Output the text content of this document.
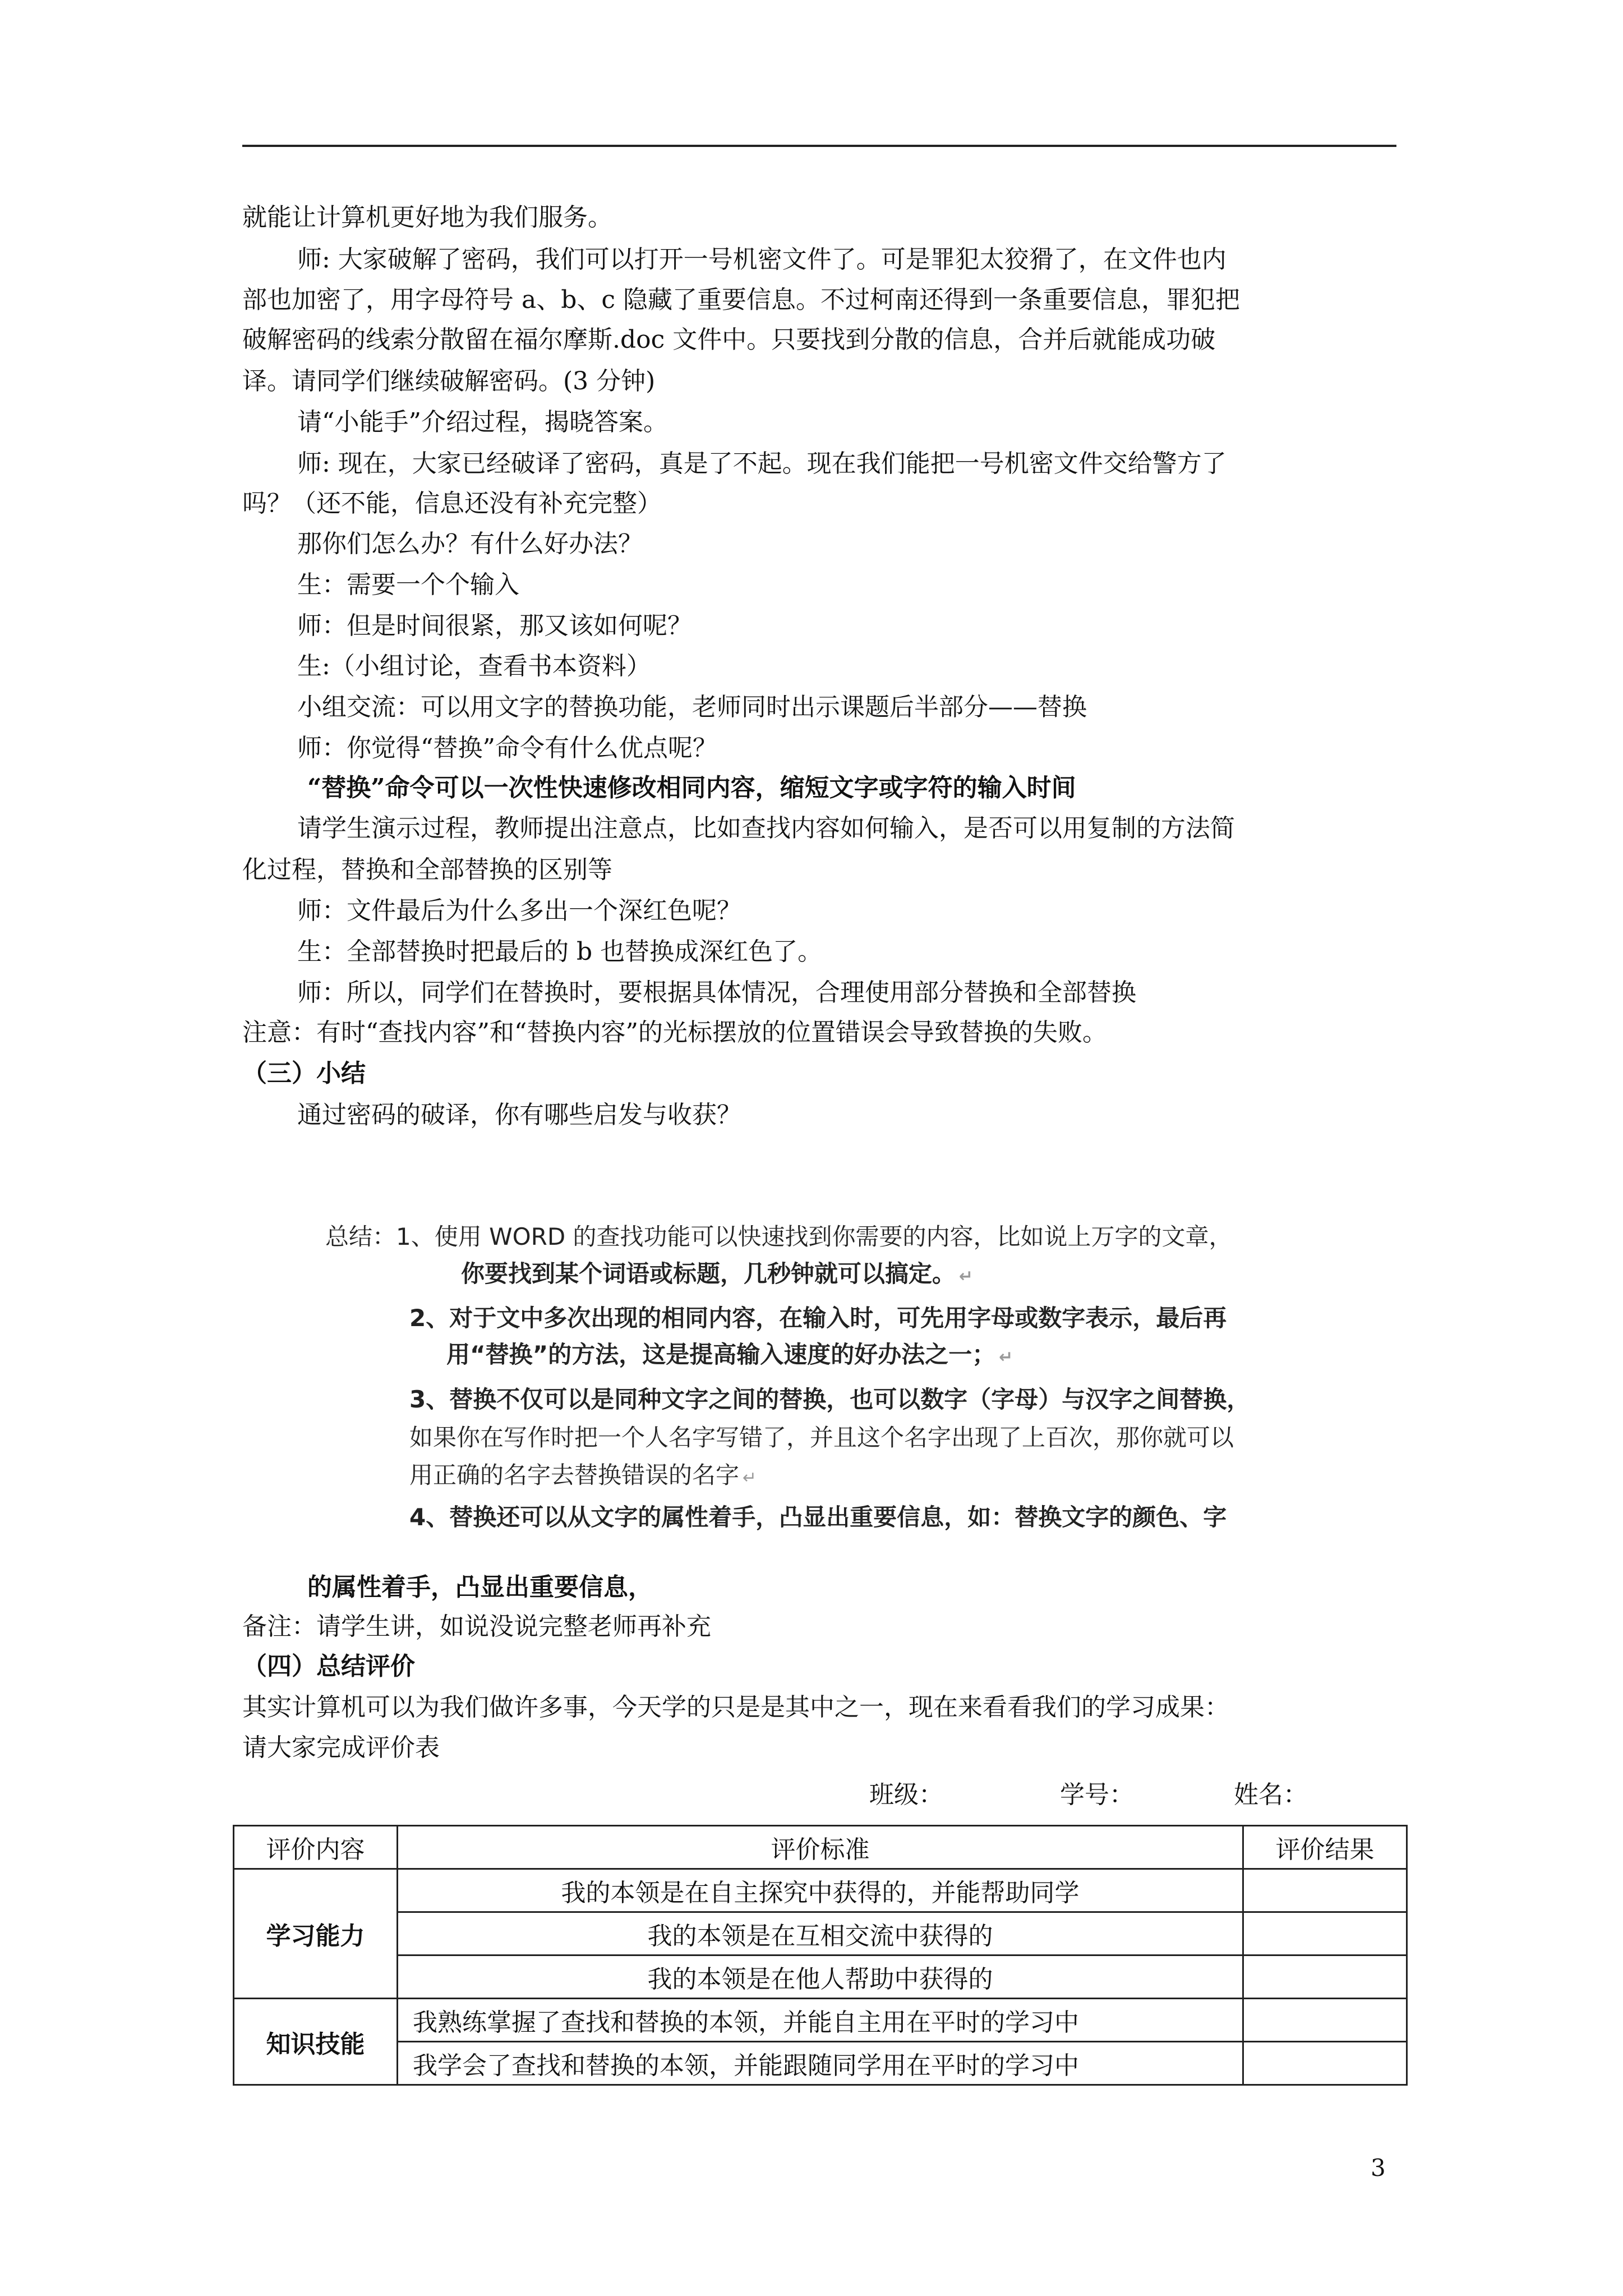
就能让计算机更好地为我们服务。
师: 大家破解了密码，我们可以打开一号机密文件了。可是罪犯太狡猾了，在文件也内
部也加密了，用字母符号 a、b、c 隐藏了重要信息。不过柯南还得到一条重要信息，罪犯把
破解密码的线索分散留在福尔摩斯.doc 文件中。只要找到分散的信息，合并后就能成功破
译。请同学们继续破解密码。(3 分钟)
请“小能手”介绍过程，揭晓答案。
师: 现在，大家已经破译了密码，真是了不起。现在我们能把一号机密文件交给警方了
吗？（还不能，信息还没有补充完整）
那你们怎么办？有什么好办法？
生：需要一个个输入
师：但是时间很紧，那又该如何呢？
生:（小组讨论，查看书本资料）
小组交流：可以用文字的替换功能，老师同时出示课题后半部分——替换
师：你觉得“替换”命令有什么优点呢？
“替换”命令可以一次性快速修改相同内容，缩短文字或字符的输入时间
请学生演示过程，教师提出注意点，比如查找内容如何输入，是否可以用复制的方法简
化过程，替换和全部替换的区别等
师：文件最后为什么多出一个深红色呢？
生：全部替换时把最后的 b 也替换成深红色了。
师：所以，同学们在替换时，要根据具体情况，合理使用部分替换和全部替换
注意：有时“查找内容”和“替换内容”的光标摆放的位置错误会导致替换的失败。
（三）小结
通过密码的破译，你有哪些启发与收获？
总结：1、使用 WORD 的查找功能可以快速找到你需要的内容，比如说上万字的文章，
你要找到某个词语或标题，几秒钟就可以搞定。 ↵
2、对于文中多次出现的相同内容，在输入时，可先用字母或数字表示，最后再
用“替换”的方法，这是提高输入速度的好办法之一； ↵
3、替换不仅可以是同种文字之间的替换，也可以数字（字母）与汉字之间替换，
如果你在写作时把一个人名字写错了，并且这个名字出现了上百次，那你就可以
用正确的名字去替换错误的名字 ↵
4、替换还可以从文字的属性着手，凸显出重要信息，如：替换文字的颜色、字
的属性着手，凸显出重要信息，
备注：请学生讲，如说没说完整老师再补充
（四）总结评价
其实计算机可以为我们做许多事，今天学的只是是其中之一，现在来看看我们的学习成果：
请大家完成评价表
班级：	学号：	姓名：
评价内容	评价标准	评价结果
学习能力	我的本领是在自主探究中获得的，并能帮助同学	
	我的本领是在互相交流中获得的	
	我的本领是在他人帮助中获得的	
知识技能	我熟练掌握了查找和替换的本领，并能自主用在平时的学习中	
	我学会了查找和替换的本领，并能跟随同学用在平时的学习中	
3
